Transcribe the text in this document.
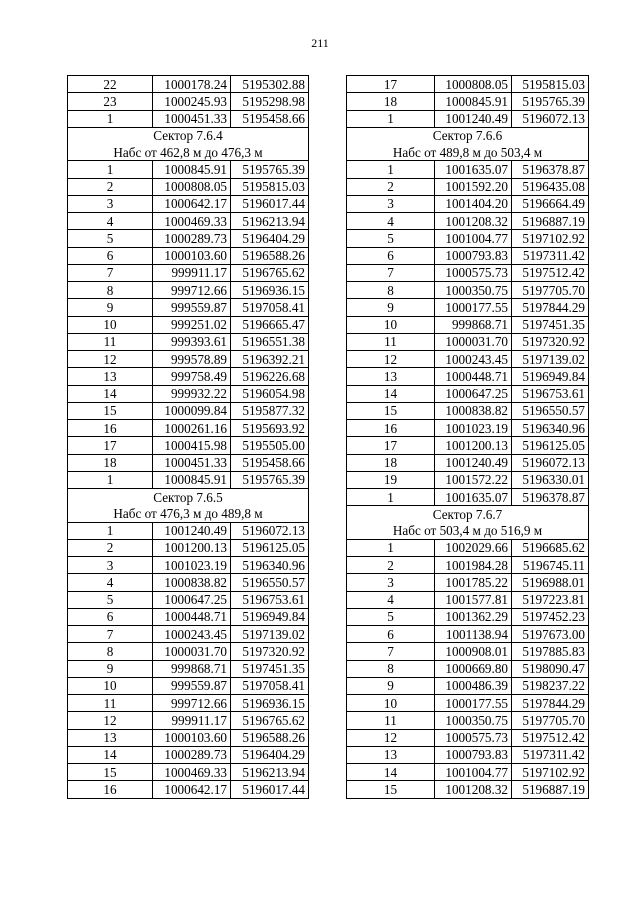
211
22	1000178.24	5195302.88
23	1000245.93	5195298.98
1	1000451.33	5195458.66
Сектор 7.6.4		
Набс от 462,8 м до 476,3 м		
1	1000845.91	5195765.39
2	1000808.05	5195815.03
3	1000642.17	5196017.44
4	1000469.33	5196213.94
5	1000289.73	5196404.29
6	1000103.60	5196588.26
7	999911.17	5196765.62
8	999712.66	5196936.15
9	999559.87	5197058.41
10	999251.02	5196665.47
11	999393.61	5196551.38
12	999578.89	5196392.21
13	999758.49	5196226.68
14	999932.22	5196054.98
15	1000099.84	5195877.32
16	1000261.16	5195693.92
17	1000415.98	5195505.00
18	1000451.33	5195458.66
1	1000845.91	5195765.39
Сектор 7.6.5		
Набс от 476,3 м до 489,8 м		
1	1001240.49	5196072.13
2	1001200.13	5196125.05
3	1001023.19	5196340.96
4	1000838.82	5196550.57
5	1000647.25	5196753.61
6	1000448.71	5196949.84
7	1000243.45	5197139.02
8	1000031.70	5197320.92
9	999868.71	5197451.35
10	999559.87	5197058.41
11	999712.66	5196936.15
12	999911.17	5196765.62
13	1000103.60	5196588.26
14	1000289.73	5196404.29
15	1000469.33	5196213.94
16	1000642.17	5196017.44
17	1000808.05	5195815.03
18	1000845.91	5195765.39
1	1001240.49	5196072.13
Сектор 7.6.6		
Набс от 489,8 м до 503,4 м		
1	1001635.07	5196378.87
2	1001592.20	5196435.08
3	1001404.20	5196664.49
4	1001208.32	5196887.19
5	1001004.77	5197102.92
6	1000793.83	5197311.42
7	1000575.73	5197512.42
8	1000350.75	5197705.70
9	1000177.55	5197844.29
10	999868.71	5197451.35
11	1000031.70	5197320.92
12	1000243.45	5197139.02
13	1000448.71	5196949.84
14	1000647.25	5196753.61
15	1000838.82	5196550.57
16	1001023.19	5196340.96
17	1001200.13	5196125.05
18	1001240.49	5196072.13
19	1001572.22	5196330.01
1	1001635.07	5196378.87
Сектор 7.6.7		
Набс от 503,4 м до 516,9 м		
1	1002029.66	5196685.62
2	1001984.28	5196745.11
3	1001785.22	5196988.01
4	1001577.81	5197223.81
5	1001362.29	5197452.23
6	1001138.94	5197673.00
7	1000908.01	5197885.83
8	1000669.80	5198090.47
9	1000486.39	5198237.22
10	1000177.55	5197844.29
11	1000350.75	5197705.70
12	1000575.73	5197512.42
13	1000793.83	5197311.42
14	1001004.77	5197102.92
15	1001208.32	5196887.19
